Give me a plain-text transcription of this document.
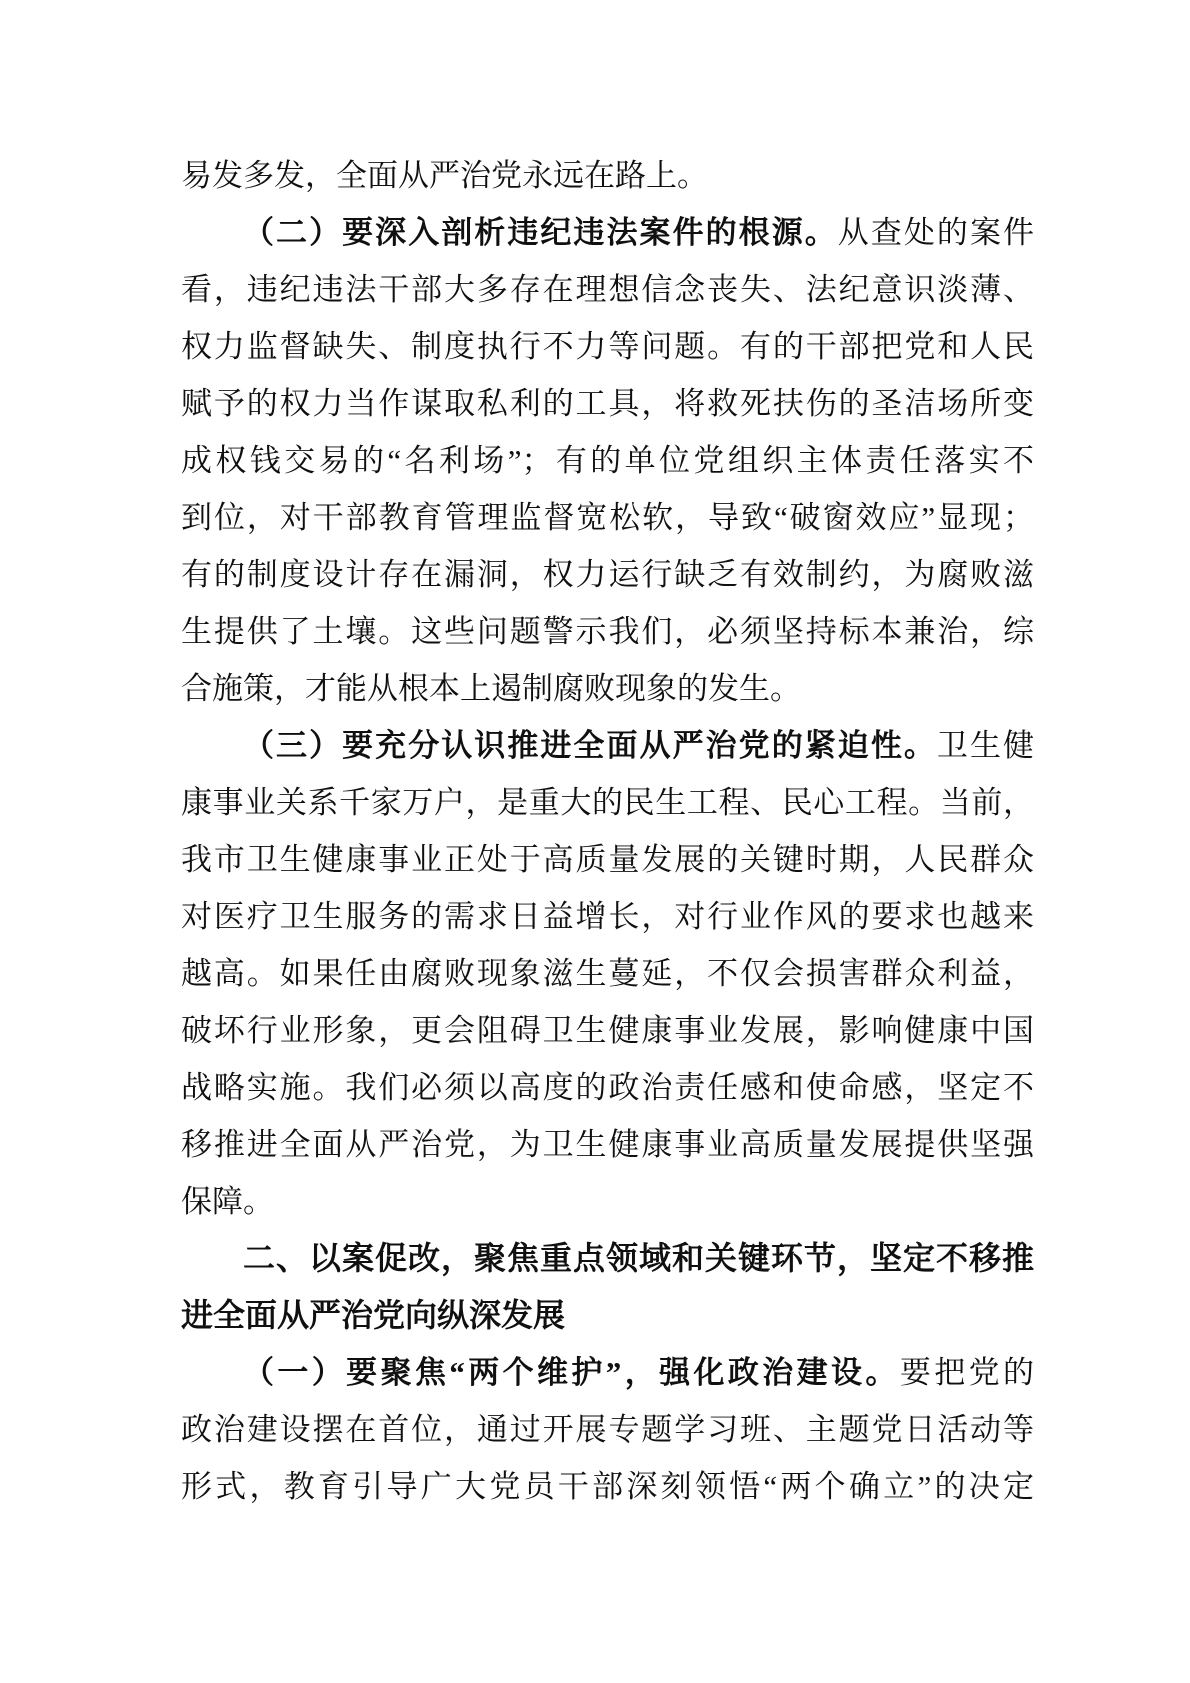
易发多发，全面从严治党永远在路上。
（二）要深入剖析违纪违法案件的根源。从查处的案件
看，违纪违法干部大多存在理想信念丧失、法纪意识淡薄、
权力监督缺失、制度执行不力等问题。有的干部把党和人民
赋予的权力当作谋取私利的工具，将救死扶伤的圣洁场所变
成权钱交易的“名利场”；有的单位党组织主体责任落实不
到位，对干部教育管理监督宽松软，导致“破窗效应”显现；
有的制度设计存在漏洞，权力运行缺乏有效制约，为腐败滋
生提供了土壤。这些问题警示我们，必须坚持标本兼治，综
合施策，才能从根本上遏制腐败现象的发生。
（三）要充分认识推进全面从严治党的紧迫性。卫生健
康事业关系千家万户，是重大的民生工程、民心工程。当前，
我市卫生健康事业正处于高质量发展的关键时期，人民群众
对医疗卫生服务的需求日益增长，对行业作风的要求也越来
越高。如果任由腐败现象滋生蔓延，不仅会损害群众利益，
破坏行业形象，更会阻碍卫生健康事业发展，影响健康中国
战略实施。我们必须以高度的政治责任感和使命感，坚定不
移推进全面从严治党，为卫生健康事业高质量发展提供坚强
保障。
二、以案促改，聚焦重点领域和关键环节，坚定不移推
进全面从严治党向纵深发展
（一）要聚焦“两个维护”，强化政治建设。要把党的
政治建设摆在首位，通过开展专题学习班、主题党日活动等
形式，教育引导广大党员干部深刻领悟“两个确立”的决定
